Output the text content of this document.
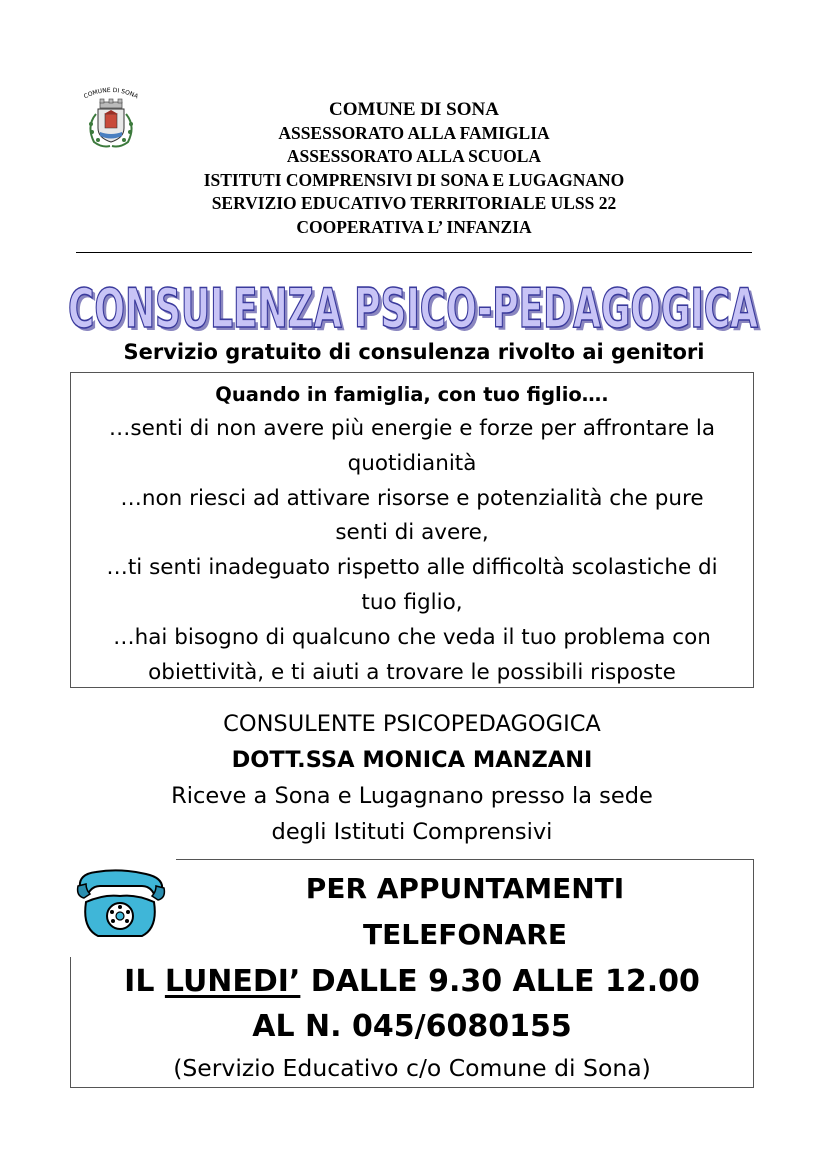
COMUNE DI SONA
COMUNE DI SONA
ASSESSORATO ALLA FAMIGLIA
ASSESSORATO ALLA SCUOLA
ISTITUTI COMPRENSIVI DI SONA E LUGAGNANO
SERVIZIO EDUCATIVO TERRITORIALE ULSS 22
COOPERATIVA L’ INFANZIA
CONSULENZA PSICO-PEDAGOGICA
CONSULENZA PSICO-PEDAGOGICA
Servizio gratuito di consulenza rivolto ai genitori
Quando in famiglia, con tuo figlio….
…senti di non avere più energie e forze per affrontare la
quotidianità
…non riesci ad attivare risorse e potenzialità che pure
senti di avere,
…ti senti inadeguato rispetto alle difficoltà scolastiche di
tuo figlio,
…hai bisogno di qualcuno che veda il tuo problema con
obiettività, e ti aiuti a trovare le possibili risposte
CONSULENTE PSICOPEDAGOGICA
DOTT.SSA MONICA MANZANI
Riceve a Sona e Lugagnano presso la sede
degli Istituti Comprensivi
PER APPUNTAMENTI
TELEFONARE
IL LUNEDI’ DALLE 9.30 ALLE 12.00
AL N. 045/6080155
(Servizio Educativo c/o Comune di Sona)
